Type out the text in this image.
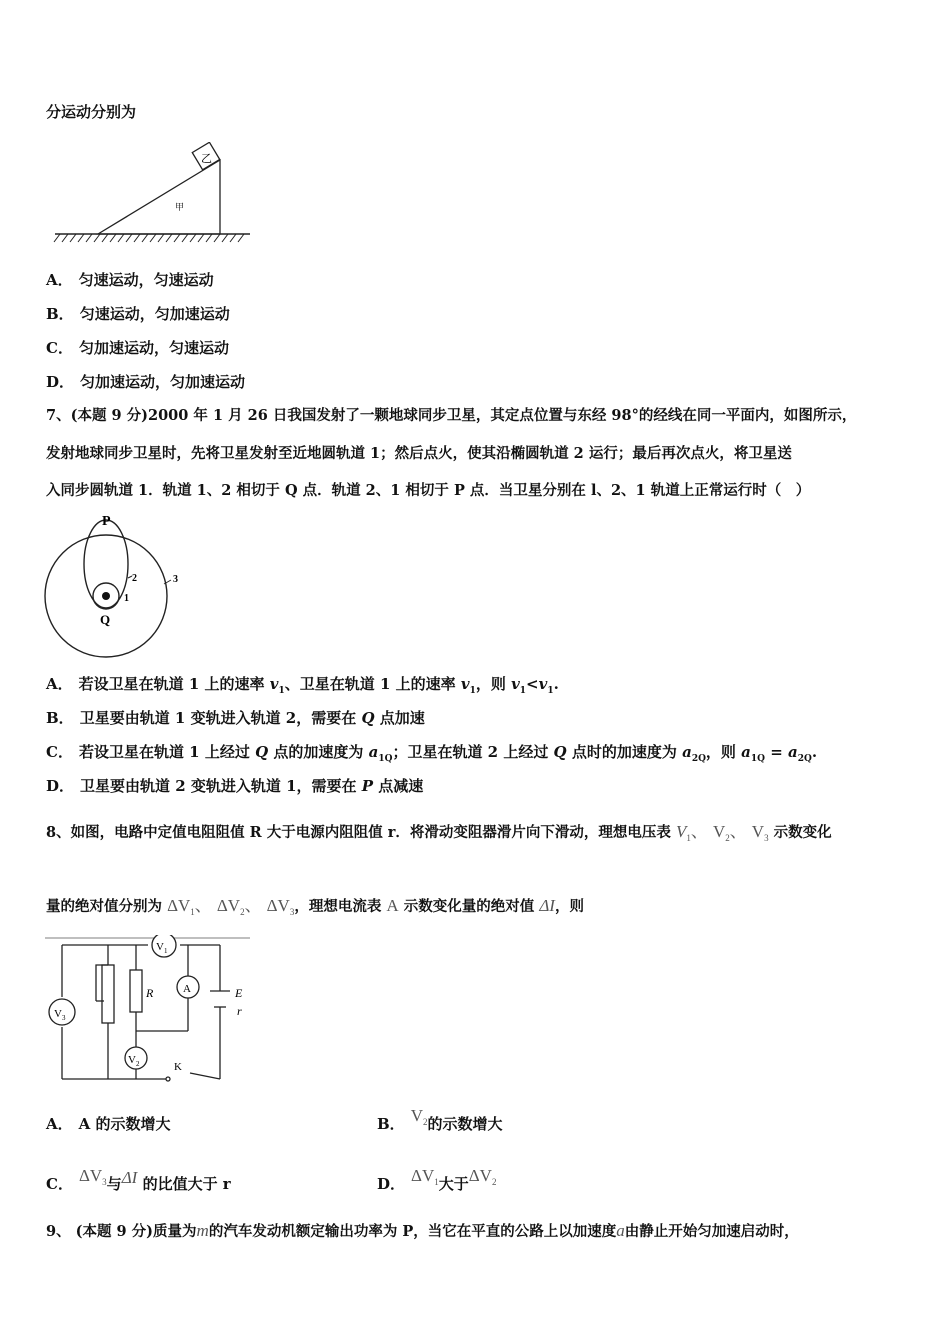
分运动分别为
乙
甲
A． 匀速运动，匀速运动
B． 匀速运动，匀加速运动
C． 匀加速运动，匀速运动
D． 匀加速运动，匀加速运动
7、(本题 9 分)2000 年 1 月 26 日我国发射了一颗地球同步卫星，其定点位置与东经 98°的经线在同一平面内，如图所示，
发射地球同步卫星时，先将卫星发射至近地圆轨道 1；然后点火，使其沿椭圆轨道 2 运行；最后再次点火，将卫星送
入同步圆轨道 1．轨道 1、2 相切于 Q 点．轨道 2、1 相切于 P 点．当卫星分别在 l、2、1 轨道上正常运行时（　）
P
Q
1
2	3
A． 若设卫星在轨道 1 上的速率 $v_1$、卫星在轨道 1 上的速率 $v_1$，则 $v_1<v_1$.
B． 卫星要由轨道 1 变轨进入轨道 2，需要在 Q 点加速
C． 若设卫星在轨道 1 上经过 Q 点的加速度为 $a_{1Q}$；卫星在轨道 2 上经过 Q 点时的加速度为 $a_{2Q}$，则 $a_{1Q} = a_{2Q}$.
D． 卫星要由轨道 2 变轨进入轨道 1，需要在 P 点减速
8、如图，电路中定值电阻阻值 R 大于电源内阻阻值 r．将滑动变阻器滑片向下滑动，理想电压表 $V_1$、 $V_2$、 $V_3$ 示数变化
量的绝对值分别为 $\Delta V_1$、 $\Delta V_2$、 $\Delta V_3$，理想电流表 A 示数变化量的绝对值 ΔI，则
$V_1$
A
$V_2$
$V_3$
R	E
r
K
A． A 的示数增大	B． $V^2$的示数增大
C． $\Delta V^3$与ΔI 的比值大于 r	D． $\Delta V^1$大于$\Delta V^2$
9、 (本题 9 分)质量为m的汽车发动机额定输出功率为 P，当它在平直的公路上以加速度a由静止开始匀加速启动时，
